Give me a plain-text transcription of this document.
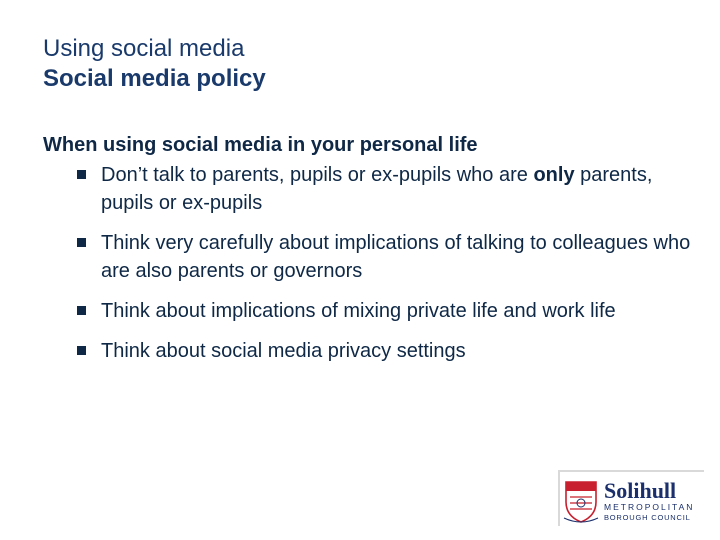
Using social media
Social media policy
When using social media in your personal life
Don’t talk to parents, pupils or ex-pupils who are only parents, pupils or ex-pupils
Think very carefully about implications of talking to colleagues who are also parents or governors
Think about implications of mixing private life and work life
Think about social media privacy settings
Solihull
METROPOLITAN
BOROUGH COUNCIL
